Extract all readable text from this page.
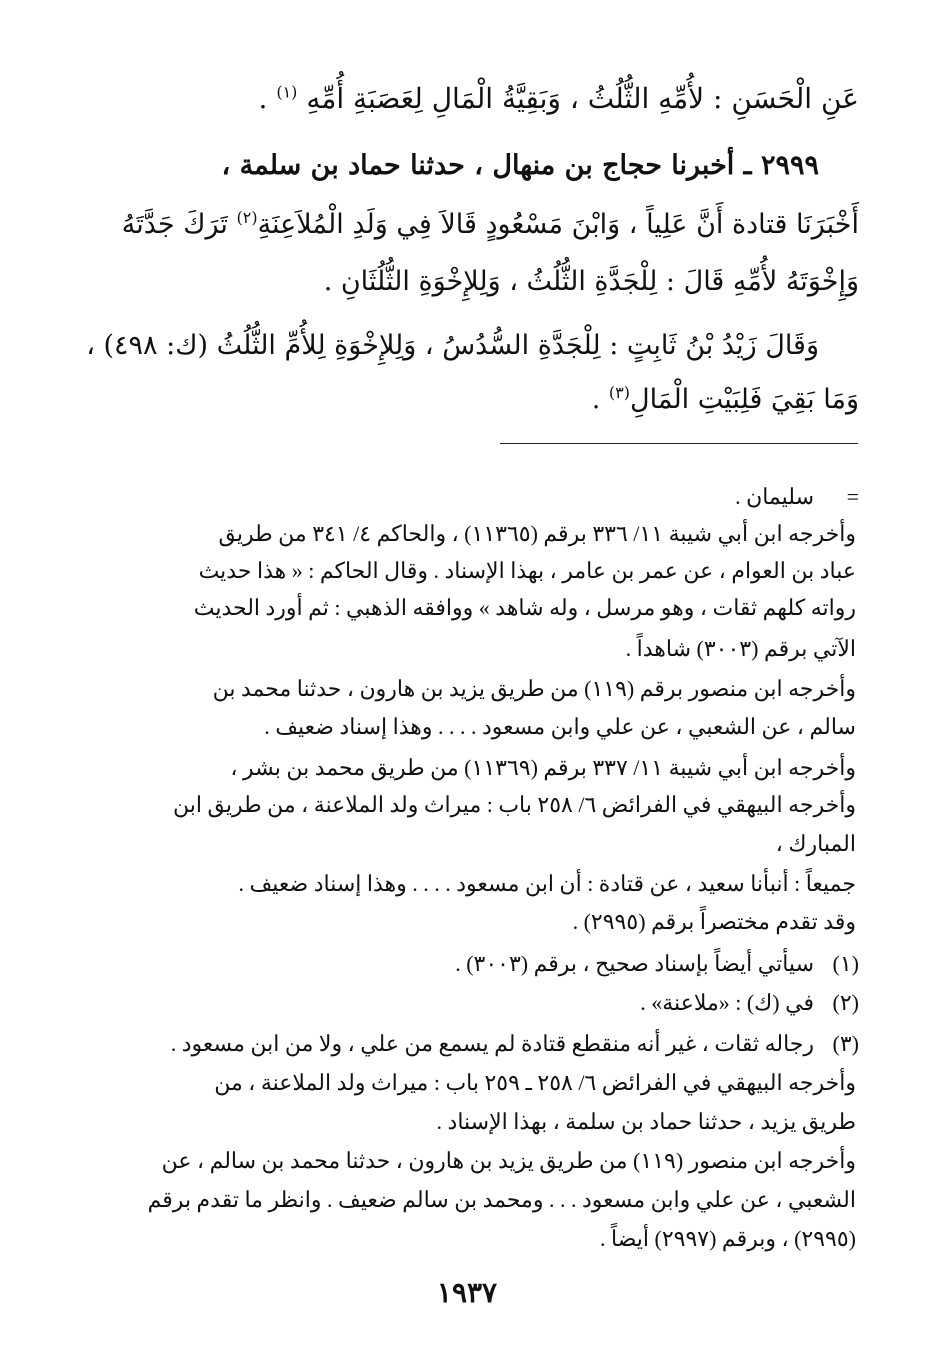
عَنِ الْحَسَنِ : لأُمِّهِ الثُّلُثُ ، وَبَقِيَّةُ الْمَالِ لِعَصَبَةِ أُمِّهِ $^{(١)}$ .
٢٩٩٩ ـ أخبرنا حجاج بن منهال ، حدثنا حماد بن سلمة ،
أَخْبَرَنَا قتادة أَنَّ عَلِياً ، وَابْنَ مَسْعُودٍ قَالاَ فِي وَلَدِ الْمُلاَعِنَةِ$^{(٢)}$ تَرَكَ جَدَّتَهُ
وَإِخْوَتَهُ لأُمِّهِ قَالَ : لِلْجَدَّةِ الثُّلُثُ ، وَلِلإِخْوَةِ الثُّلُثَانِ .
وَقَالَ زَيْدُ بْنُ ثَابِتٍ : لِلْجَدَّةِ السُّدُسُ ، وَلِلإِخْوَةِ لِلأُمِّ الثُّلُثُ (ك: ٤٩٨) ،
وَمَا بَقِيَ فَلِبَيْتِ الْمَالِ$^{(٣)}$ .
=
سليمان .
وأخرجه ابن أبي شيبة ١١/ ٣٣٦ برقم (١١٣٦٥) ، والحاكم ٤/ ٣٤١ من طريق
عباد بن العوام ، عن عمر بن عامر ، بهذا الإسناد . وقال الحاكم : « هذا حديث
رواته كلهم ثقات ، وهو مرسل ، وله شاهد » ووافقه الذهبي : ثم أورد الحديث
الآتي برقم (٣٠٠٣) شاهداً .
وأخرجه ابن منصور برقم (١١٩) من طريق يزيد بن هارون ، حدثنا محمد بن
سالم ، عن الشعبي ، عن علي وابن مسعود . . . . وهذا إسناد ضعيف .
وأخرجه ابن أبي شيبة ١١/ ٣٣٧ برقم (١١٣٦٩) من طريق محمد بن بشر ،
وأخرجه البيهقي في الفرائض ٦/ ٢٥٨ باب : ميراث ولد الملاعنة ، من طريق ابن
المبارك ،
جميعاً : أنبأنا سعيد ، عن قتادة : أن ابن مسعود . . . . وهذا إسناد ضعيف .
وقد تقدم مختصراً برقم (٢٩٩٥) .
(١)
سيأتي أيضاً بإسناد صحيح ، برقم (٣٠٠٣) .
(٢)
في (ك) : «ملاعنة» .
(٣)
رجاله ثقات ، غير أنه منقطع قتادة لم يسمع من علي ، ولا من ابن مسعود .
وأخرجه البيهقي في الفرائض ٦/ ٢٥٨ ـ ٢٥٩ باب : ميراث ولد الملاعنة ، من
طريق يزيد ، حدثنا حماد بن سلمة ، بهذا الإسناد .
وأخرجه ابن منصور (١١٩) من طريق يزيد بن هارون ، حدثنا محمد بن سالم ، عن
الشعبي ، عن علي وابن مسعود . . . ومحمد بن سالم ضعيف . وانظر ما تقدم برقم
(٢٩٩٥) ، وبرقم (٢٩٩٧) أيضاً .
١٩٣٧
